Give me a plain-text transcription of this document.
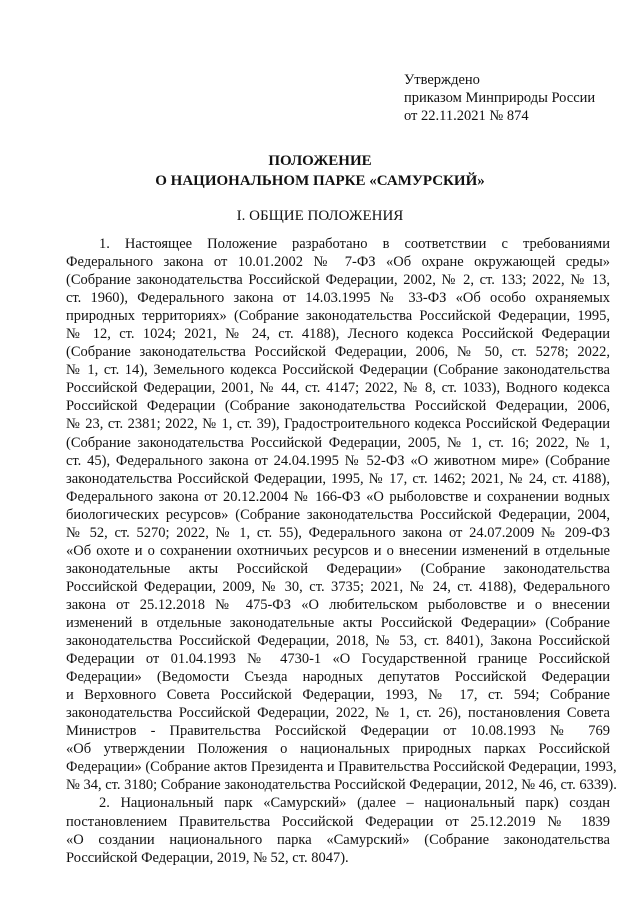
Утверждено
приказом Минприроды России
от 22.11.2021 № 874
ПОЛОЖЕНИЕ
О НАЦИОНАЛЬНОМ ПАРКЕ «САМУРСКИЙ»
I. ОБЩИЕ ПОЛОЖЕНИЯ
1. Настоящее Положение разработано в соответствии с требованиями
Федерального закона от 10.01.2002 № 7-ФЗ «Об охране окружающей среды»
(Собрание законодательства Российской Федерации, 2002, № 2, ст. 133; 2022, № 13,
ст. 1960), Федерального закона от 14.03.1995 № 33-ФЗ «Об особо охраняемых
природных территориях» (Собрание законодательства Российской Федерации, 1995,
№ 12, ст. 1024; 2021, № 24, ст. 4188), Лесного кодекса Российской Федерации
(Собрание законодательства Российской Федерации, 2006, № 50, ст. 5278; 2022,
№ 1, ст. 14), Земельного кодекса Российской Федерации (Собрание законодательства
Российской Федерации, 2001, № 44, ст. 4147; 2022, № 8, ст. 1033), Водного кодекса
Российской Федерации (Собрание законодательства Российской Федерации, 2006,
№ 23, ст. 2381; 2022, № 1, ст. 39), Градостроительного кодекса Российской Федерации
(Собрание законодательства Российской Федерации, 2005, № 1, ст. 16; 2022, № 1,
ст. 45), Федерального закона от 24.04.1995 № 52-ФЗ «О животном мире» (Собрание
законодательства Российской Федерации, 1995, № 17, ст. 1462; 2021, № 24, ст. 4188),
Федерального закона от 20.12.2004 № 166-ФЗ «О рыболовстве и сохранении водных
биологических ресурсов» (Собрание законодательства Российской Федерации, 2004,
№ 52, ст. 5270; 2022, № 1, ст. 55), Федерального закона от 24.07.2009 № 209-ФЗ
«Об охоте и о сохранении охотничьих ресурсов и о внесении изменений в отдельные
законодательные акты Российской Федерации» (Собрание законодательства
Российской Федерации, 2009, № 30, ст. 3735; 2021, № 24, ст. 4188), Федерального
закона от 25.12.2018 № 475-ФЗ «О любительском рыболовстве и о внесении
изменений в отдельные законодательные акты Российской Федерации» (Собрание
законодательства Российской Федерации, 2018, № 53, ст. 8401), Закона Российской
Федерации от 01.04.1993 № 4730-1 «О Государственной границе Российской
Федерации» (Ведомости Съезда народных депутатов Российской Федерации
и Верховного Совета Российской Федерации, 1993, № 17, ст. 594; Собрание
законодательства Российской Федерации, 2022, № 1, ст. 26), постановления Совета
Министров - Правительства Российской Федерации от 10.08.1993 № 769
«Об утверждении Положения о национальных природных парках Российской
Федерации» (Собрание актов Президента и Правительства Российской Федерации, 1993,
№ 34, ст. 3180; Собрание законодательства Российской Федерации, 2012, № 46, ст. 6339).
2. Национальный парк «Самурский» (далее – национальный парк) создан
постановлением Правительства Российской Федерации от 25.12.2019 № 1839
«О создании национального парка «Самурский» (Собрание законодательства
Российской Федерации, 2019, № 52, ст. 8047).
